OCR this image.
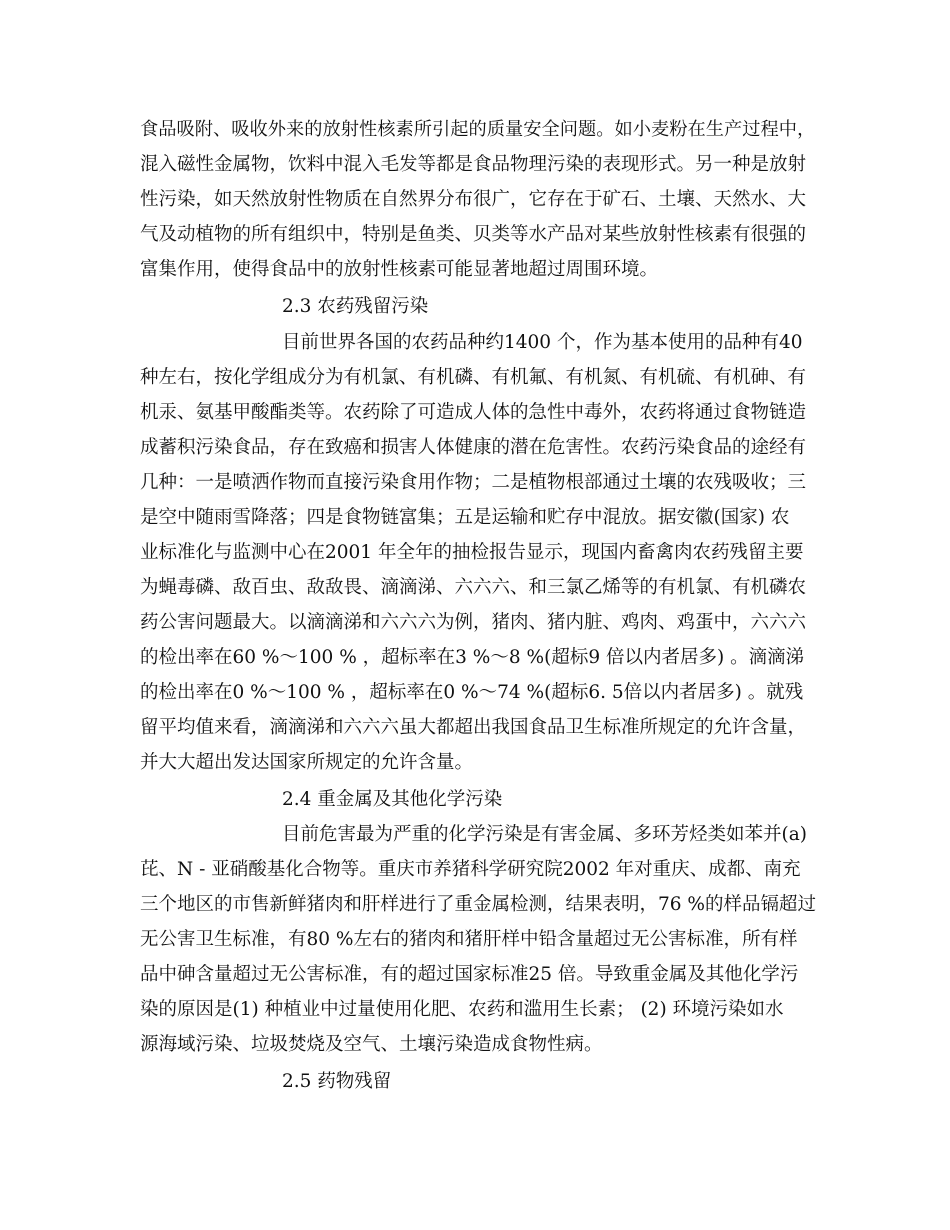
食品吸附、吸收外来的放射性核素所引起的质量安全问题。如小麦粉在生产过程中，
混入磁性金属物，饮料中混入毛发等都是食品物理污染的表现形式。另一种是放射
性污染，如天然放射性物质在自然界分布很广，它存在于矿石、土壤、天然水、大
气及动植物的所有组织中，特别是鱼类、贝类等水产品对某些放射性核素有很强的
富集作用，使得食品中的放射性核素可能显著地超过周围环境。
2.3 农药残留污染
目前世界各国的农药品种约1400 个，作为基本使用的品种有40
种左右，按化学组成分为有机氯、有机磷、有机氟、有机氮、有机硫、有机砷、有
机汞、氨基甲酸酯类等。农药除了可造成人体的急性中毒外，农药将通过食物链造
成蓄积污染食品，存在致癌和损害人体健康的潜在危害性。农药污染食品的途经有
几种：一是喷洒作物而直接污染食用作物；二是植物根部通过土壤的农残吸收；三
是空中随雨雪降落；四是食物链富集；五是运输和贮存中混放。据安徽(国家) 农
业标准化与监测中心在2001 年全年的抽检报告显示，现国内畜禽肉农药残留主要
为蝇毒磷、敌百虫、敌敌畏、滴滴涕、六六六、和三氯乙烯等的有机氯、有机磷农
药公害问题最大。以滴滴涕和六六六为例，猪肉、猪内脏、鸡肉、鸡蛋中，六六六
的检出率在60 %～100 % ，超标率在3 %～8 %(超标9 倍以内者居多) 。滴滴涕
的检出率在0 %～100 % ，超标率在0 %～74 %(超标6. 5倍以内者居多) 。就残
留平均值来看，滴滴涕和六六六虽大都超出我国食品卫生标准所规定的允许含量，
并大大超出发达国家所规定的允许含量。
2.4 重金属及其他化学污染
目前危害最为严重的化学污染是有害金属、多环芳烃类如苯并(a)
芘、N - 亚硝酸基化合物等。重庆市养猪科学研究院2002 年对重庆、成都、南充
三个地区的市售新鲜猪肉和肝样进行了重金属检测，结果表明，76 %的样品镉超过
无公害卫生标准，有80 %左右的猪肉和猪肝样中铅含量超过无公害标准，所有样
品中砷含量超过无公害标准，有的超过国家标准25 倍。导致重金属及其他化学污
染的原因是(1) 种植业中过量使用化肥、农药和滥用生长素； (2) 环境污染如水
源海域污染、垃圾焚烧及空气、土壤污染造成食物性病。
2.5 药物残留
